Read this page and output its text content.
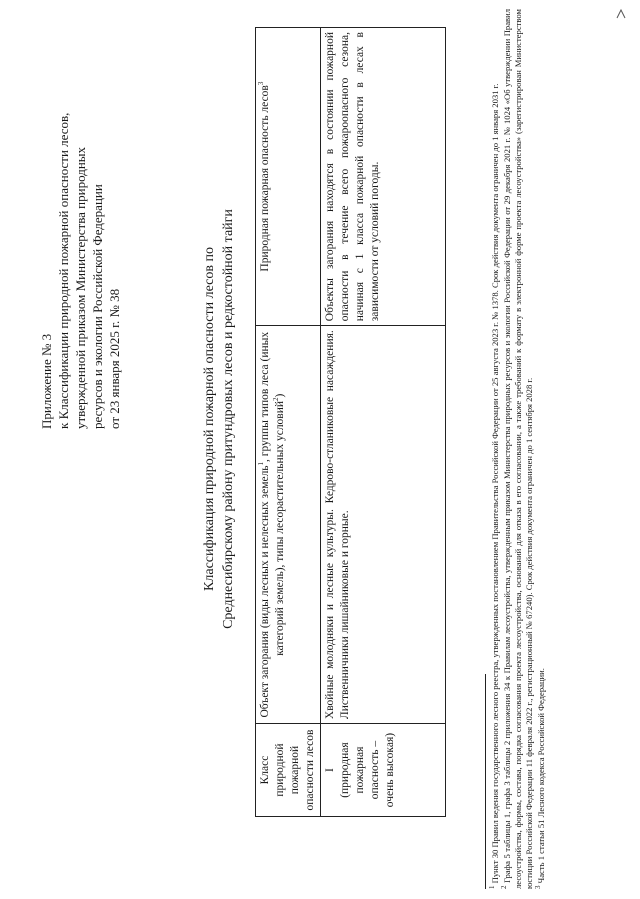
Приложение № 3 к Классификации природной пожарной опасности лесов, утвержденной приказом Министерства природных ресурсов и экологии Российской Федерации от 23 января 2025 г. № 38	Классификация природной пожарной опасности лесов по Среднесибирскому району притундровых лесов и редкостойной тайги
Класс природной пожарной опасности лесов	Объект загорания (виды лесных и нелесных земель$^1$, группы типов леса (иных категорий земель), типы лесорастительных условий$^2$)	Природная пожарная опасность лесов$^3$

I (природная пожарная опасность – очень высокая)	Хвойные молодняки и лесные культуры. Кедрово-стланиковые насаждения. Лиственничники лишайниковые и горные.	Объекты загорания находятся в состоянии пожарной опасности в течение всего пожароопасного сезона, начиная с 1 класса пожарной опасности в лесах в зависимости от условий погоды.

$^1$ Пункт 30 Правил ведения государственного лесного реестра, утвержденных постановлением Правительства Российской Федерации от 25 августа 2023 г. № 1378. Срок действия документа ограничен до 1 января 2031 г.

$^2$ Графа 5 таблицы 1, графа 3 таблицы 2 приложения 34 к Правилам лесоустройства, утвержденным приказом Министерства природных ресурсов и экологии Российской Федерации от 29 декабря 2021 г. № 1024 «Об утверждении Правил лесоустройства, формы, состава, порядка согласования проекта лесоустройства, оснований для отказа в его согласовании, а также требований к формату в электронной форме проекта лесоустройства» (зарегистрирован Министерством юстиции Российской Федерации 11 февраля 2022 г., регистрационный № 67240). Срок действия документа ограничен до 1 сентября 2028 г. $^3$ Часть 1 статьи 51 Лесного кодекса Российской Федерации.
